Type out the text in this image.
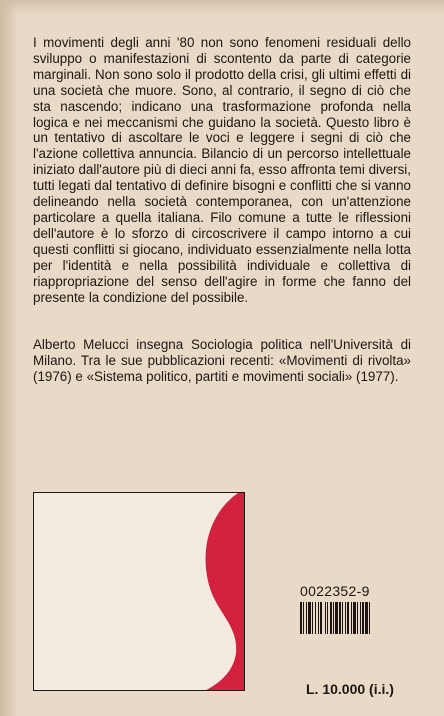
I movimenti degli anni '80 non sono fenomeni residuali dello sviluppo o manifestazioni di scontento da parte di categorie marginali. Non sono solo il prodotto della crisi, gli ultimi effetti di una società che muore. Sono, al contrario, il segno di ciò che sta nascendo; indicano una trasformazione profonda nella logica e nei meccanismi che guidano la società. Questo libro è un tentativo di ascoltare le voci e leggere i segni di ciò che l'azione collettiva annuncia. Bilancio di un percorso intellettuale iniziato dall'autore più di dieci anni fa, esso affronta temi diversi, tutti legati dal tentativo di definire bisogni e conflitti che si vanno delineando nella società contemporanea, con un'attenzione particolare a quella italiana. Filo comune a tutte le riflessioni dell'autore è lo sforzo di circoscrivere il campo intorno a cui questi conflitti si giocano, individuato essenzialmente nella lotta per l'identità e nella possibilità individuale e collettiva di riappropriazione del senso dell'agire in forme che fanno del presente la condizione del possibile.

Alberto Melucci insegna Sociologia politica nell'Università di Milano. Tra le sue pubblicazioni recenti: «Movimenti di rivolta» (1976) e «Sistema politico, partiti e movimenti sociali» (1977).

0022352-9
L. 10.000 (i.i.)
